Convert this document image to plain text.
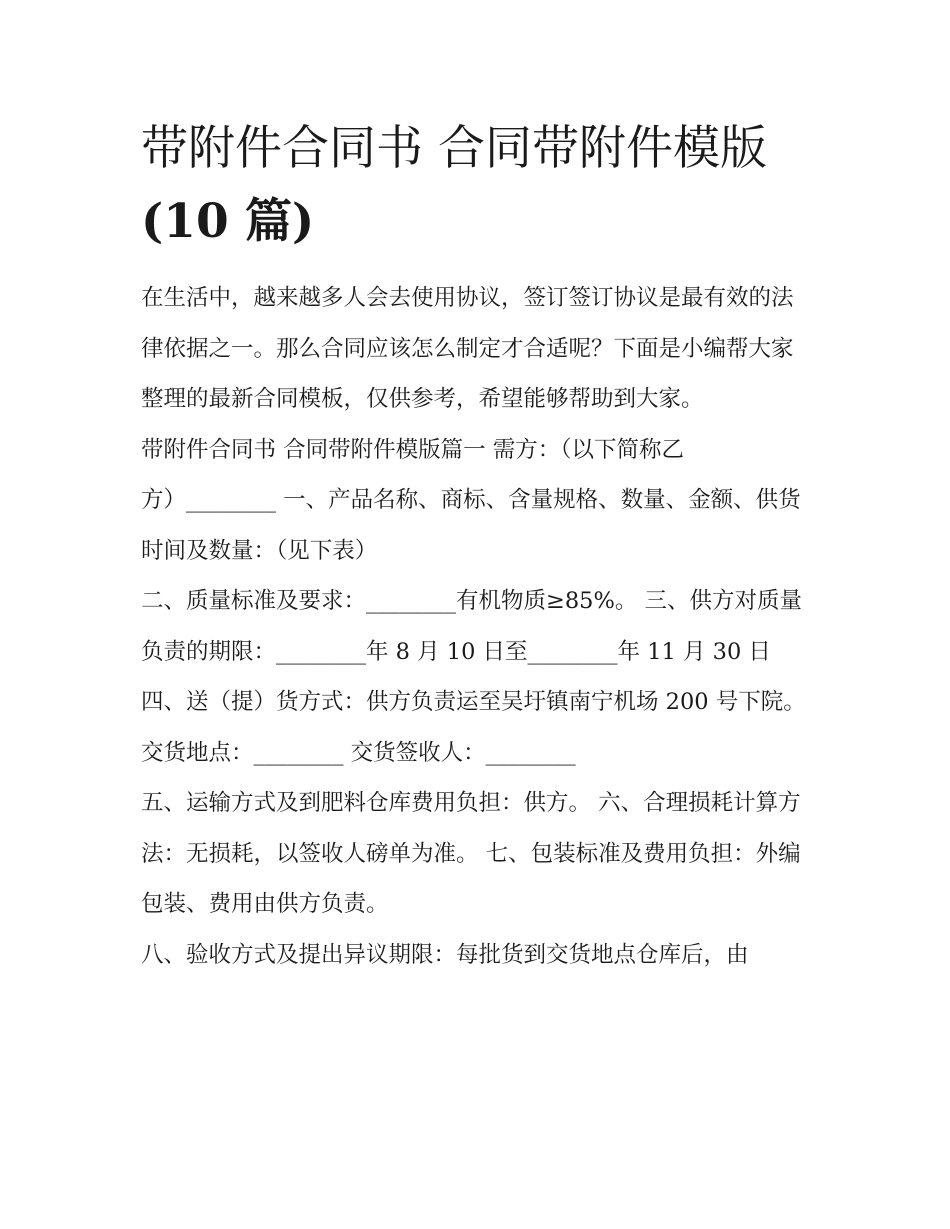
带附件合同书 合同带附件模版
(10 篇)

在生活中，越来越多人会去使用协议，签订签订协议是最有效的法律依据之一。那么合同应该怎么制定才合适呢？下面是小编帮大家整理的最新合同模板，仅供参考，希望能够帮助到大家。

带附件合同书 合同带附件模版篇一 需方：（以下简称乙

方）________ 一、产品名称、商标、含量规格、数量、金额、供货时间及数量：（见下表）

二、质量标准及要求：________有机物质≥85%。 三、供方对质量负责的期限：________年 8 月 10 日至________年 11 月 30 日

四、送（提）货方式：供方负责运至吴圩镇南宁机场 200 号下院。 交货地点：________ 交货签收人：________

五、运输方式及到肥料仓库费用负担：供方。 六、合理损耗计算方法：无损耗，以签收人磅单为准。 七、包装标准及费用负担：外编包装、费用由供方负责。

八、验收方式及提出异议期限：每批货到交货地点仓库后，由
